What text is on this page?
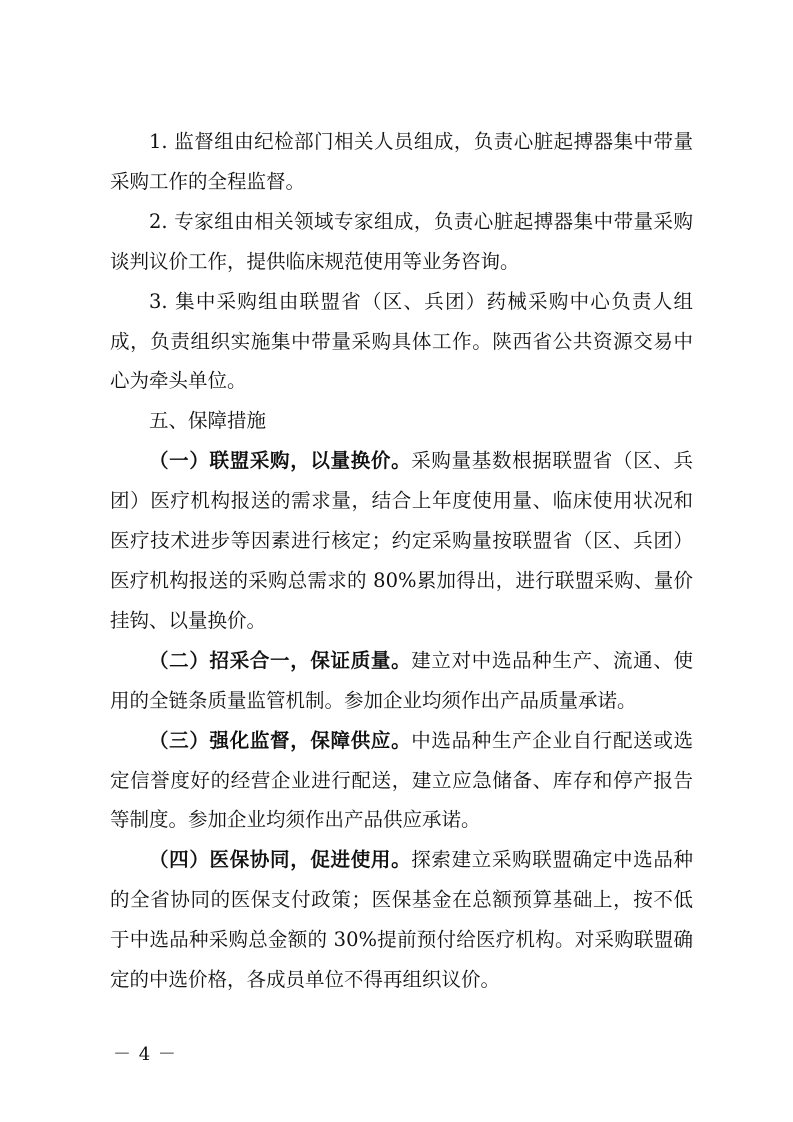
1. 监督组由纪检部门相关人员组成，负责心脏起搏器集中带量采购工作的全程监督。

2. 专家组由相关领域专家组成，负责心脏起搏器集中带量采购谈判议价工作，提供临床规范使用等业务咨询。

3. 集中采购组由联盟省（区、兵团）药械采购中心负责人组成，负责组织实施集中带量采购具体工作。陕西省公共资源交易中心为牵头单位。

五、保障措施

（一）联盟采购，以量换价。采购量基数根据联盟省（区、兵团）医疗机构报送的需求量，结合上年度使用量、临床使用状况和医疗技术进步等因素进行核定；约定采购量按联盟省（区、兵团）医疗机构报送的采购总需求的 80%累加得出，进行联盟采购、量价挂钩、以量换价。

（二）招采合一，保证质量。建立对中选品种生产、流通、使用的全链条质量监管机制。参加企业均须作出产品质量承诺。

（三）强化监督，保障供应。中选品种生产企业自行配送或选定信誉度好的经营企业进行配送，建立应急储备、库存和停产报告等制度。参加企业均须作出产品供应承诺。

（四）医保协同，促进使用。探索建立采购联盟确定中选品种的全省协同的医保支付政策；医保基金在总额预算基础上，按不低于中选品种采购总金额的 30%提前预付给医疗机构。对采购联盟确定的中选价格，各成员单位不得再组织议价。

－ 4 －
